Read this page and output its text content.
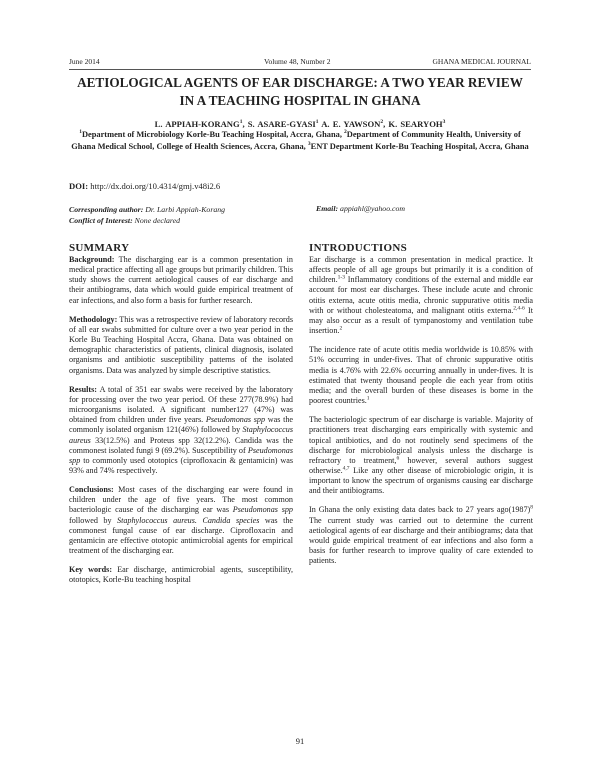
June 2014	Volume 48, Number 2	GHANA MEDICAL JOURNAL
AETIOLOGICAL AGENTS OF EAR DISCHARGE: A TWO YEAR REVIEW IN A TEACHING HOSPITAL IN GHANA
L. APPIAH-KORANG$^1$, S. ASARE-GYASI$^1$ A. E. YAWSON$^2$, K. SEARYOH$^3$
$^1$Department of Microbiology Korle-Bu Teaching Hospital, Accra, Ghana, $^2$Department of Community Health, University of Ghana Medical School, College of Health Sciences, Accra, Ghana, $^3$ENT Department Korle-Bu Teaching Hospital, Accra, Ghana
DOI: http://dx.doi.org/10.4314/gmj.v48i2.6
Corresponding author: Dr. Larbi Appiah-Korang
Conflict of Interest: None declared
Email: appiahl@yahoo.com
SUMMARY

Background: The discharging ear is a common presentation in medical practice affecting all age groups but primarily children. This study shows the current aetiological causes of ear discharge and their antibiograms, data which would guide empirical treatment of ear infections, and also form a basis for further research.

Methodology: This was a retrospective review of laboratory records of all ear swabs submitted for culture over a two year period in the Korle Bu Teaching Hospital Accra, Ghana. Data was obtained on demographic characteristics of patients, clinical diagnosis, isolated organisms and antibiotic susceptibility patterns of the isolated organisms. Data was analyzed by simple descriptive statistics.

Results: A total of 351 ear swabs were received by the laboratory for processing over the two year period. Of these 277(78.9%) had microorganisms isolated. A significant number127 (47%) was obtained from children under five years. Pseudomonas spp was the commonly isolated organism 121(46%) followed by Staphylococcus aureus 33(12.5%) and Proteus spp 32(12.2%). Candida was the commonest isolated fungi 9 (69.2%). Susceptibility of Pseudomonas spp to commonly used ototopics (ciprofloxacin & gentamicin) was 93% and 74% respectively.

Conclusions: Most cases of the discharging ear were found in children under the age of five years. The most common bacteriologic cause of the discharging ear was Pseudomonas spp followed by Staphylococcus aureus. Candida species was the commonest fungal cause of ear discharge. Ciprofloxacin and gentamicin are effective ototopic antimicrobial agents for empirical treatment of the discharging ear.

Key words: Ear discharge, antimicrobial agents, susceptibility, ototopics, Korle-Bu teaching hospital

INTRODUCTIONS

Ear discharge is a common presentation in medical practice. It affects people of all age groups but primarily it is a condition of children.$^{1-3}$ Inflammatory conditions of the external and middle ear account for most ear discharges. These include acute and chronic otitis externa, acute otitis media, chronic suppurative otitis media with or without cholesteatoma, and malignant otitis externa.$^{2,4-6}$ It may also occur as a result of tympanostomy and ventilation tube insertion.$^2$

The incidence rate of acute otitis media worldwide is 10.85% with 51% occurring in under-fives. That of chronic suppurative otitis media is 4.76% with 22.6% occurring annually in under-fives. It is estimated that twenty thousand people die each year from otitis media; and the overall burden of these diseases is borne in the poorest countries.$^1$

The bacteriologic spectrum of ear discharge is variable. Majority of practitioners treat discharging ears empirically with systemic and topical antibiotics, and do not routinely send specimens of the discharge for microbiological analysis unless the discharge is refractory to treatment,$^6$ however, several authors suggest otherwise.$^{4,7}$ Like any other disease of microbiologic origin, it is important to know the spectrum of organisms causing ear discharge and their antibiograms.

In Ghana the only existing data dates back to 27 years $ago(1987)^8$ The current study was carried out to determine the current aetiological agents of ear discharge and their antibiograms; data that would guide empirical treatment of ear infections and also form a basis for further research to improve quality of care extended to patients.

91
